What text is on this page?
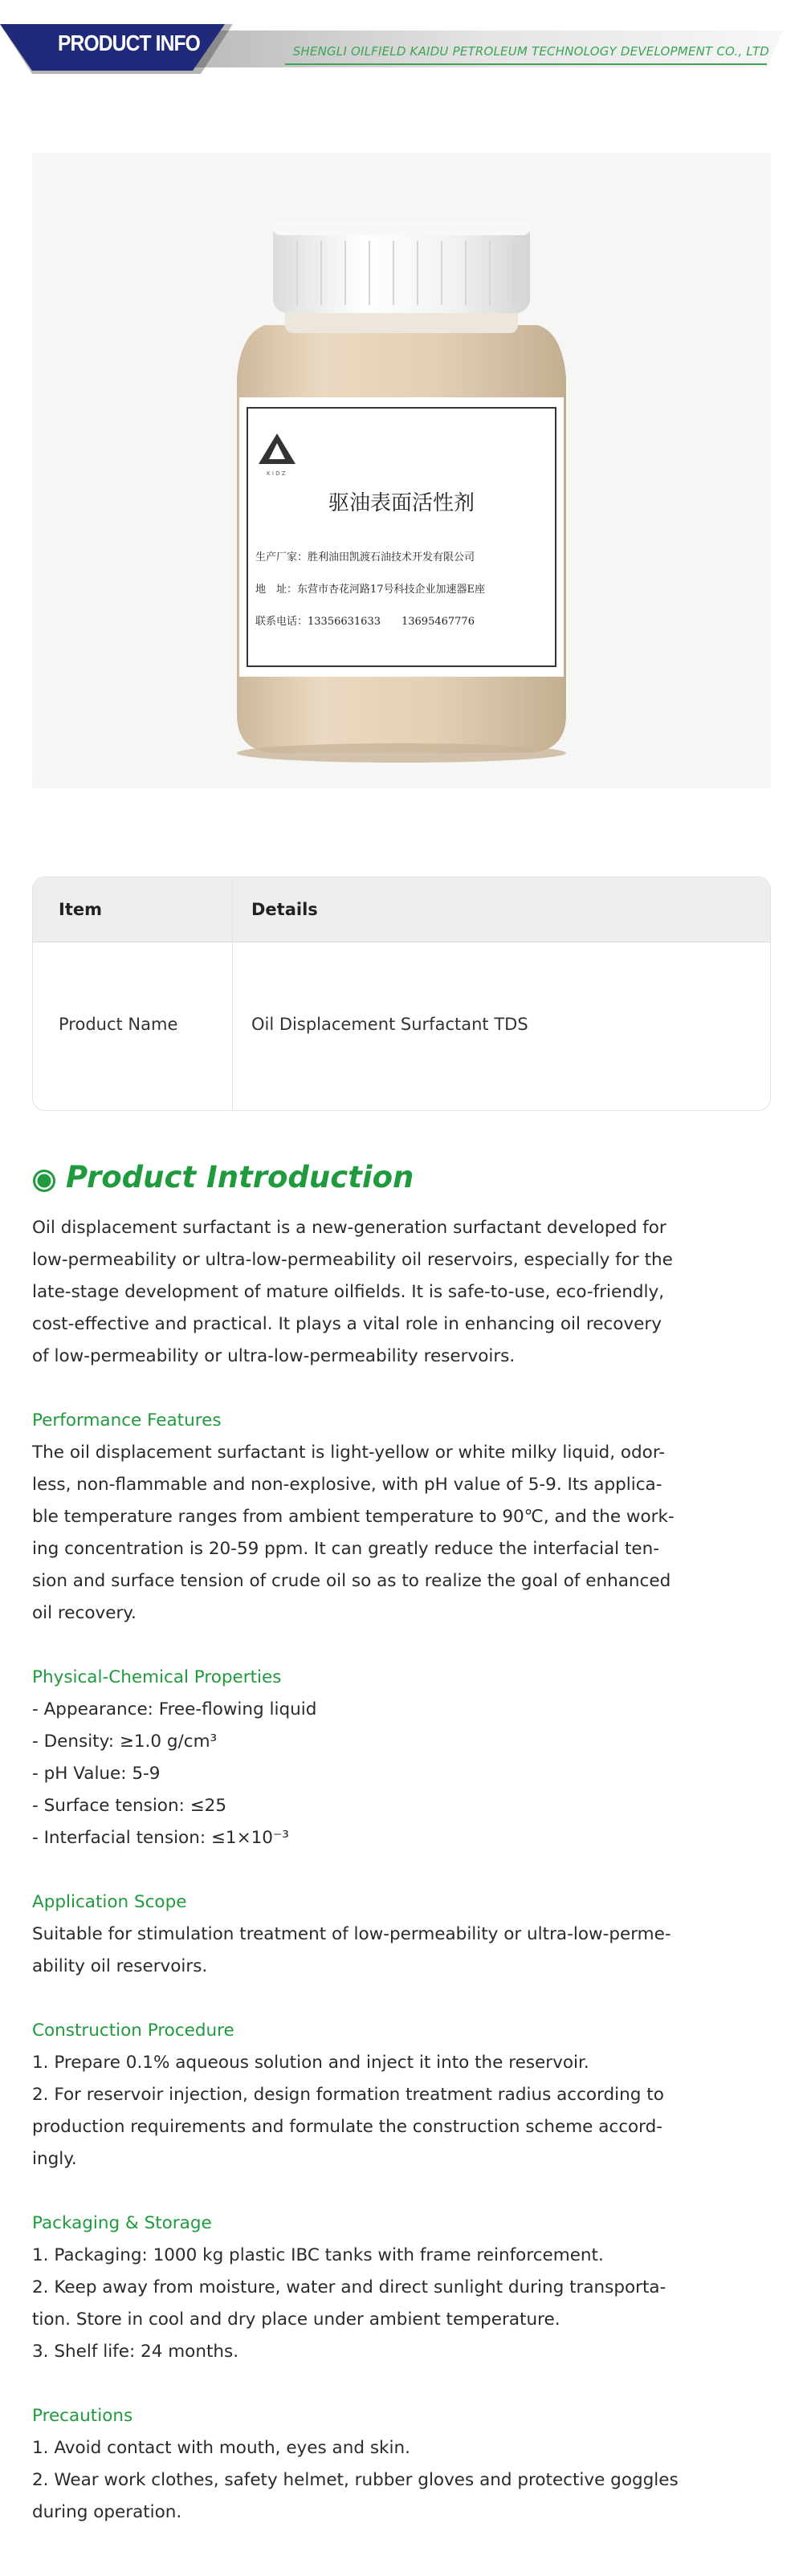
PRODUCT INFO	SHENGLI OILFIELD KAIDU PETROLEUM TECHNOLOGY DEVELOPMENT CO., LTD
K I D Z
驱油表面活性剂
生产厂家：胜利油田凯渡石油技术开发有限公司
地　址：东营市杏花河路17号科技企业加速器E座
联系电话：13356631633　　13695467776
Item	Details
Product Name	Oil Displacement Surfactant TDS
Product Introduction

Oil displacement surfactant is a new-generation surfactant developed for

low-permeability or ultra-low-permeability oil reservoirs, especially for the

late-stage development of mature oilfields. It is safe-to-use, eco-friendly,

cost-effective and practical. It plays a vital role in enhancing oil recovery

of low-permeability or ultra-low-permeability reservoirs.

Performance Features

The oil displacement surfactant is light-yellow or white milky liquid, odor-

less, non-flammable and non-explosive, with pH value of 5-9. Its applica-

ble temperature ranges from ambient temperature to 90℃, and the work-

ing concentration is 20-59 ppm. It can greatly reduce the interfacial ten-

sion and surface tension of crude oil so as to realize the goal of enhanced

oil recovery.

Physical-Chemical Properties

- Appearance: Free-flowing liquid

- Density: ≥1.0 g/cm³

- pH Value: 5-9

- Surface tension: ≤25

- Interfacial tension: ≤1×10⁻³

Application Scope

Suitable for stimulation treatment of low-permeability or ultra-low-perme-

ability oil reservoirs.

Construction Procedure

1. Prepare 0.1% aqueous solution and inject it into the reservoir.

2. For reservoir injection, design formation treatment radius according to

production requirements and formulate the construction scheme accord-

ingly.

Packaging & Storage

1. Packaging: 1000 kg plastic IBC tanks with frame reinforcement.

2. Keep away from moisture, water and direct sunlight during transporta-

tion. Store in cool and dry place under ambient temperature.

3. Shelf life: 24 months.

Precautions

1. Avoid contact with mouth, eyes and skin.

2. Wear work clothes, safety helmet, rubber gloves and protective goggles

during operation.
